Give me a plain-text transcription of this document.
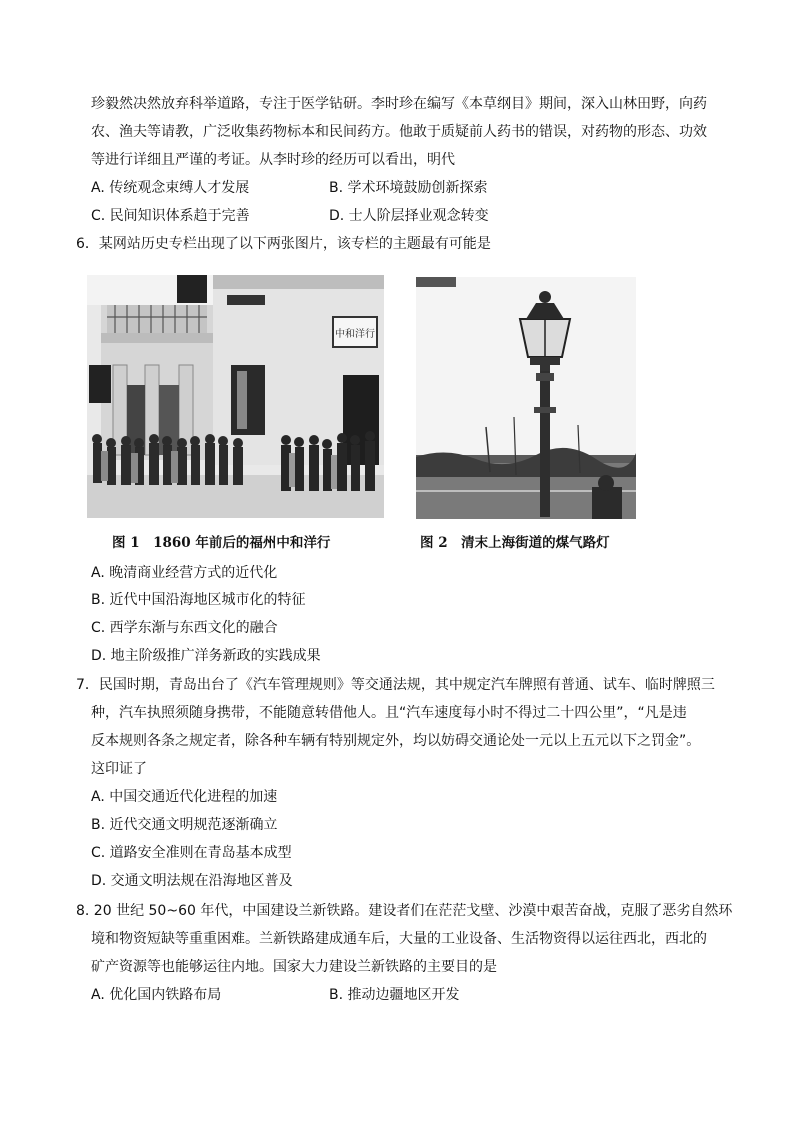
珍毅然决然放弃科举道路，专注于医学钻研。李时珍在编写《本草纲目》期间，深入山林田野，向药
农、渔夫等请教，广泛收集药物标本和民间药方。他敢于质疑前人药书的错误，对药物的形态、功效
等进行详细且严谨的考证。从李时珍的经历可以看出，明代
A. 传统观念束缚人才发展	B. 学术环境鼓励创新探索
C. 民间知识体系趋于完善	D. 士人阶层择业观念转变
6．某网站历史专栏出现了以下两张图片，该专栏的主题最有可能是
中和洋行
图 1　1860 年前后的福州中和洋行	图 2　清末上海街道的煤气路灯
A. 晚清商业经营方式的近代化
B. 近代中国沿海地区城市化的特征
C. 西学东渐与东西文化的融合
D. 地主阶级推广洋务新政的实践成果
7．民国时期，青岛出台了《汽车管理规则》等交通法规，其中规定汽车牌照有普通、试车、临时牌照三
种，汽车执照须随身携带，不能随意转借他人。且“汽车速度每小时不得过二十四公里”，“凡是违
反本规则各条之规定者，除各种车辆有特别规定外，均以妨碍交通论处一元以上五元以下之罚金”。
这印证了
A. 中国交通近代化进程的加速
B. 近代交通文明规范逐渐确立
C. 道路安全准则在青岛基本成型
D. 交通文明法规在沿海地区普及
8. 20 世纪 50~60 年代，中国建设兰新铁路。建设者们在茫茫戈壁、沙漠中艰苦奋战，克服了恶劣自然环
境和物资短缺等重重困难。兰新铁路建成通车后，大量的工业设备、生活物资得以运往西北，西北的
矿产资源等也能够运往内地。国家大力建设兰新铁路的主要目的是
A. 优化国内铁路布局	B. 推动边疆地区开发
